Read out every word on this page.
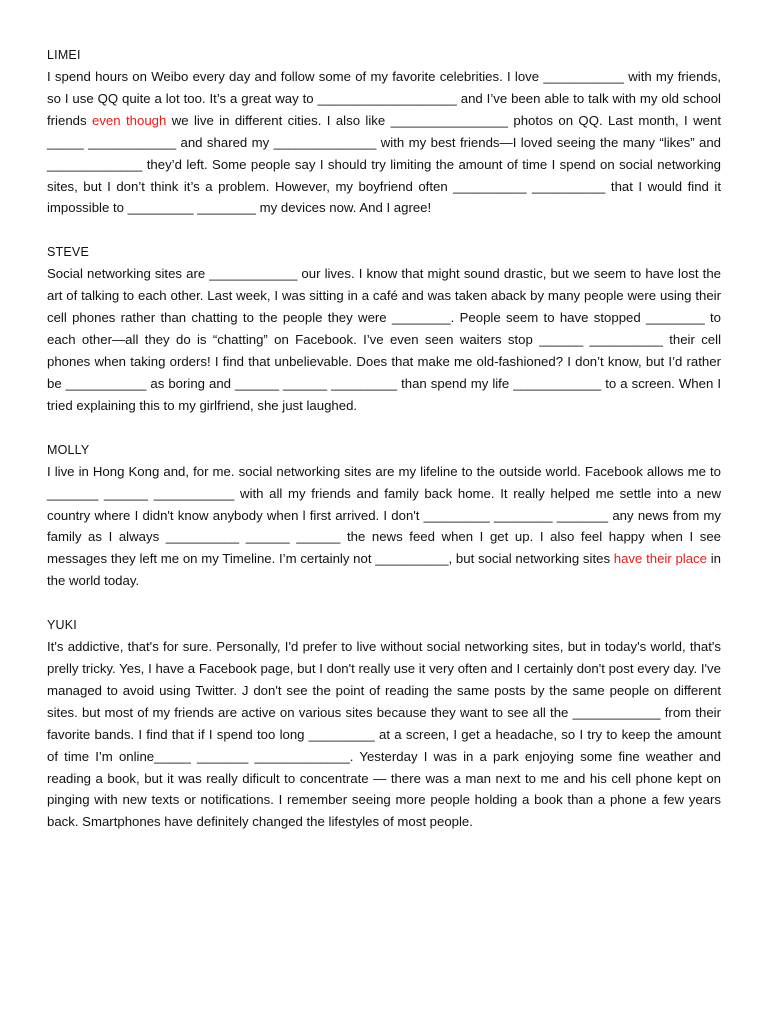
LIMEI

I spend hours on Weibo every day and follow some of my favorite celebrities. I love ___________ with my friends, so I use QQ quite a lot too. It’s a great way to ___________________ and I’ve been able to talk with my old school friends even though we live in different cities. I also like ________________ photos on QQ. Last month, I went _____ ____________ and shared my ______________ with my best friends—I loved seeing the many “likes” and _____________ they’d left. Some people say I should try limiting the amount of time I spend on social networking sites, but I don’t think it’s a problem. However, my boyfriend often __________ __________ that I would find it impossible to _________ ________ my devices now. And I agree!

STEVE

Social networking sites are ____________ our lives. I know that might sound drastic, but we seem to have lost the art of talking to each other. Last week, I was sitting in a café and was taken aback by many people were using their cell phones rather than chatting to the people they were ________. People seem to have stopped ________ to each other—all they do is “chatting” on Facebook. I’ve even seen waiters stop ______ __________ their cell phones when taking orders! I find that unbelievable. Does that make me old-fashioned? I don’t know, but I’d rather be ___________ as boring and ______ ______ _________ than spend my life ____________ to a screen. When I tried explaining this to my girlfriend, she just laughed.

MOLLY

I live in Hong Kong and, for me. social networking sites are my lifeline to the outside world. Facebook allows me to _______ ______ ___________ with all my friends and family back home. It really helped me settle into a new country where I didn't know anybody when l first arrived. I don't _________ ________ _______ any news from my family as I always __________ ______ ______ the news feed when I get up. I also feel happy when I see messages they left me on my Timeline. I’m certainly not __________, but social networking sites have their place in the world today.

YUKI

It's addictive, that's for sure. Personally, I'd prefer to live without social networking sites, but in today's world, that's prelly tricky. Yes, I have a Facebook page, but I don't really use it very often and I certainly don't post every day. I've managed to avoid using Twitter. J don't see the point of reading the same posts by the same people on different sites. but most of my friends are active on various sites because they want to see all the ____________ from their favorite bands. I find that if I spend too long _________ at a screen, I get a headache, so I try to keep the amount of time I’m online_____ _______ _____________. Yesterday I was in a park enjoying some fine weather and reading a book, but it was really dificult to concentrate — there was a man next to me and his cell phone kept on pinging with new texts or notifications. I remember seeing more people holding a book than a phone a few years back. Smartphones have definitely changed the lifestyles of most people.
